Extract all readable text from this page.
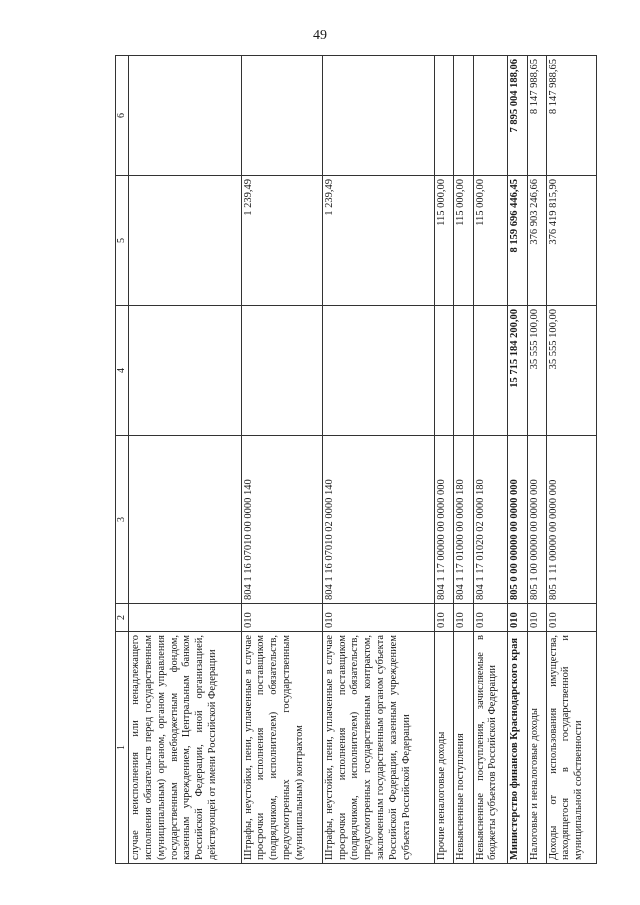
49
1	2	3	4	5	6
случае неисполнения или ненадлежащего исполнения обязательств перед государственным (муниципальным) органом, органом управления государственным внебюджетным фондом, казенным учреждением, Центральным банком Российской Федерации, иной организацией, действующей от имени Российской Федерации					
Штрафы, неустойки, пени, уплаченные в случае просрочки исполнения поставщиком (подрядчиком, исполнителем) обязательств, предусмотренных государственным (муниципальным) контрактом	010	804 1 16 07010 00 0000 140		1 239,49	
Штрафы, неустойки, пени, уплаченные в случае просрочки исполнения поставщиком (подрядчиком, исполнителем) обязательств, предусмотренных государственным контрактом, заключенным государственным органом субъекта Российской Федерации, казенным учреждением субъекта Российской Федерации	010	804 1 16 07010 02 0000 140		1 239,49	
Прочие неналоговые доходы	010	804 1 17 00000 00 0000 000		115 000,00	
Невыясненные поступления	010	804 1 17 01000 00 0000 180		115 000,00	
Невыясненные поступления, зачисляемые в бюджеты субъектов Российской Федерации	010	804 1 17 01020 02 0000 180		115 000,00	
Министерство финансов Краснодарского края	010	805 0 00 00000 00 0000 000	15 715 184 200,00	8 159 696 446,45	7 895 004 188,06
Налоговые и неналоговые доходы	010	805 1 00 00000 00 0000 000	35 555 100,00	376 903 246,66	8 147 988,65
Доходы от использования имущества, находящегося в государственной и муниципальной собственности	010	805 1 11 00000 00 0000 000	35 555 100,00	376 419 815,90	8 147 988,65
